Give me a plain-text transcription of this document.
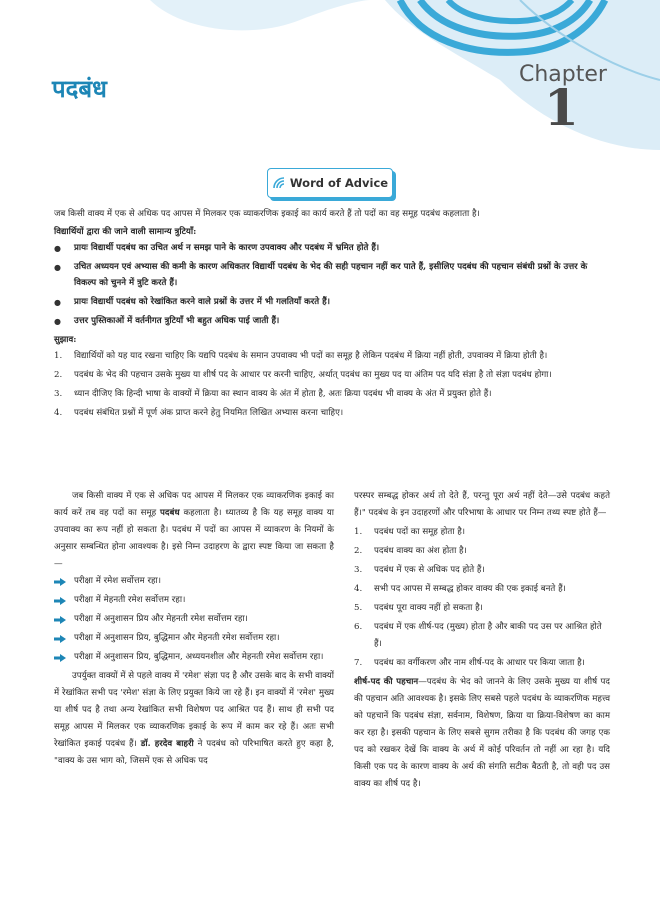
पदबंध
Chapter
1
Word of Advice

जब किसी वाक्य में एक से अधिक पद आपस में मिलकर एक व्याकरणिक इकाई का कार्य करते हैं तो पदों का वह समूह पदबंध कहलाता है।

विद्यार्थियों द्वारा की जाने वाली सामान्य त्रुटियाँ:

● प्रायः विद्यार्थी पदबंध का उचित अर्थ न समझ पाने के कारण उपवाक्य और पदबंध में भ्रमित होते हैं।
● उचित अध्ययन एवं अभ्यास की कमी के कारण अधिकतर विद्यार्थी पदबंध के भेद की सही पहचान नहीं कर पाते हैं, इसीलिए पदबंध की पहचान संबंधी प्रश्नों के उत्तर के विकल्प को चुनने में त्रुटि करते हैं।
● प्रायः विद्यार्थी पदबंध को रेखांकित करने वाले प्रश्नों के उत्तर में भी गलतियाँ करते हैं।
● उत्तर पुस्तिकाओं में वर्तनीगत त्रुटियाँ भी बहुत अधिक पाई जाती हैं।

सुझाव:

1. विद्यार्थियों को यह याद रखना चाहिए कि यद्यपि पदबंध के समान उपवाक्य भी पदों का समूह है लेकिन पदबंध में क्रिया नहीं होती, उपवाक्य में क्रिया होती है।
2. पदबंध के भेद की पहचान उसके मुख्य या शीर्ष पद के आधार पर करनी चाहिए, अर्थात् पदबंध का मुख्य पद या अंतिम पद यदि संज्ञा है तो संज्ञा पदबंध होगा।
3. ध्यान दीजिए कि हिन्दी भाषा के वाक्यों में क्रिया का स्थान वाक्य के अंत में होता है, अतः क्रिया पदबंध भी वाक्य के अंत में प्रयुक्त होते हैं।
4. पदबंध संबंधित प्रश्नों में पूर्ण अंक प्राप्त करने हेतु नियमित लिखित अभ्यास करना चाहिए।

जब किसी वाक्य में एक से अधिक पद आपस में मिलकर एक व्याकरणिक इकाई का कार्य करें तब वह पदों का समूह पदबंध कहलाता है। ध्यातव्य है कि यह समूह वाक्य या उपवाक्य का रूप नहीं हो सकता है। पदबंध में पदों का आपस में व्याकरण के नियमों के अनुसार सम्बन्धित होना आवश्यक है। इसे निम्न उदाहरण के द्वारा स्पष्ट किया जा सकता है—

परीक्षा में रमेश सर्वोत्तम रहा।
परीक्षा में मेहनती रमेश सर्वोत्तम रहा।
परीक्षा में अनुशासन प्रिय और मेहनती रमेश सर्वोत्तम रहा।
परीक्षा में अनुशासन प्रिय, बुद्धिमान और मेहनती रमेश सर्वोत्तम रहा।
परीक्षा में अनुशासन प्रिय, बुद्धिमान, अध्ययनशील और मेहनती रमेश सर्वोत्तम रहा।

उपर्युक्त वाक्यों में से पहले वाक्य में 'रमेश' संज्ञा पद है और उसके बाद के सभी वाक्यों में रेखांकित सभी पद 'रमेश' संज्ञा के लिए प्रयुक्त किये जा रहे हैं। इन वाक्यों में 'रमेश' मुख्य या शीर्ष पद है तथा अन्य रेखांकित सभी विशेषण पद आश्रित पद हैं। साथ ही सभी पद समूह आपस में मिलकर एक व्याकरणिक इकाई के रूप में काम कर रहे हैं। अतः सभी रेखांकित इकाई पदबंध हैं। डॉ. हरदेव बाहरी ने पदबंध को परिभाषित करते हुए कहा है, "वाक्य के उस भाग को, जिसमें एक से अधिक पद

परस्पर सम्बद्ध होकर अर्थ तो देते हैं, परन्तु पूरा अर्थ नहीं देते—उसे पदबंध कहते हैं।" पदबंध के इन उदाहरणों और परिभाषा के आधार पर निम्न तथ्य स्पष्ट होते हैं—

1. पदबंध पदों का समूह होता है।
2. पदबंध वाक्य का अंश होता है।
3. पदबंध में एक से अधिक पद होते हैं।
4. सभी पद आपस में सम्बद्ध होकर वाक्य की एक इकाई बनते हैं।
5. पदबंध पूरा वाक्य नहीं हो सकता है।
6. पदबंध में एक शीर्ष-पद (मुख्य) होता है और बाकी पद उस पर आश्रित होते हैं।
7. पदबंध का वर्गीकरण और नाम शीर्ष-पद के आधार पर किया जाता है।

शीर्ष-पद की पहचान—पदबंध के भेद को जानने के लिए उसके मुख्य या शीर्ष पद की पहचान अति आवश्यक है। इसके लिए सबसे पहले पदबंध के व्याकरणिक महत्त्व को पहचानें कि पदबंध संज्ञा, सर्वनाम, विशेषण, क्रिया या क्रिया-विशेषण का काम कर रहा है। इसकी पहचान के लिए सबसे सुगम तरीका है कि पदबंध की जगह एक पद को रखकर देखें कि वाक्य के अर्थ में कोई परिवर्तन तो नहीं आ रहा है। यदि किसी एक पद के कारण वाक्य के अर्थ की संगति सटीक बैठती है, तो वही पद उस वाक्य का शीर्ष पद है।
